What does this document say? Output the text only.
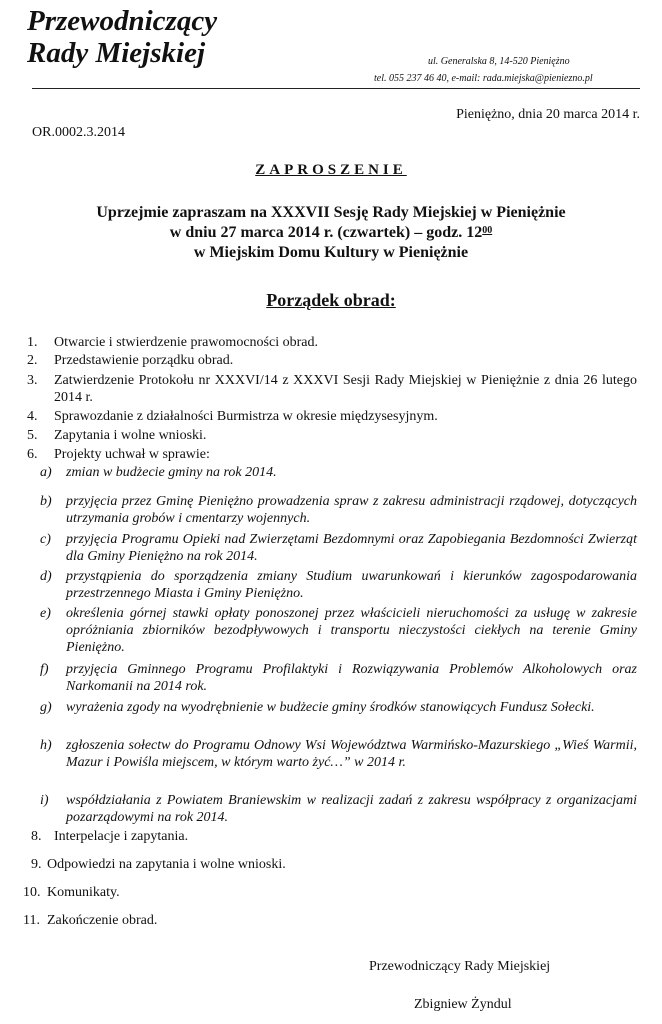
Przewodniczący
Rady Miejskiej	ul. Generalska 8, 14-520 Pieniężno
tel. 055 237 46 40, e-mail: rada.miejska@pieniezno.pl
Pieniężno, dnia 20 marca 2014 r.
OR.0002.3.2014
ZAPROSZENIE
Uprzejmie zapraszam na XXXVII Sesję Rady Miejskiej w Pieniężnie
w dniu 27 marca 2014 r. (czwartek) – godz. $12^{00}$
w Miejskim Domu Kultury w Pieniężnie
Porządek obrad:
1. Otwarcie i stwierdzenie prawomocności obrad.
2. Przedstawienie porządku obrad.
3. Zatwierdzenie Protokołu nr XXXVI/14 z XXXVI Sesji Rady Miejskiej w Pieniężnie z dnia 26 lutego 2014 r.
4. Sprawozdanie z działalności Burmistrza w okresie międzysesyjnym.
5. Zapytania i wolne wnioski.
6. Projekty uchwał w sprawie:
a) zmian w budżecie gminy na rok 2014.
b) przyjęcia przez Gminę Pieniężno prowadzenia spraw z zakresu administracji rządowej, dotyczących utrzymania grobów i cmentarzy wojennych.
c) przyjęcia Programu Opieki nad Zwierzętami Bezdomnymi oraz Zapobiegania Bezdomności Zwierząt dla Gminy Pieniężno na rok 2014.
d) przystąpienia do sporządzenia zmiany Studium uwarunkowań i kierunków zagospodarowania przestrzennego Miasta i Gminy Pieniężno.
e) określenia górnej stawki opłaty ponoszonej przez właścicieli nieruchomości za usługę w zakresie opróżniania zbiorników bezodpływowych i transportu nieczystości ciekłych na terenie Gminy Pieniężno.
f) przyjęcia Gminnego Programu Profilaktyki i Rozwiązywania Problemów Alkoholowych oraz Narkomanii na 2014 rok.
g) wyrażenia zgody na wyodrębnienie w budżecie gminy środków stanowiących Fundusz Sołecki.
h) zgłoszenia sołectw do Programu Odnowy Wsi Województwa Warmińsko-Mazurskiego „Wieś Warmii, Mazur i Powiśla miejscem, w którym warto żyć…” w 2014 r.
i) współdziałania z Powiatem Braniewskim w realizacji zadań z zakresu współpracy z organizacjami pozarządowymi na rok 2014.
8. Interpelacje i zapytania.
9. Odpowiedzi na zapytania i wolne wnioski.
10. Komunikaty.
11. Zakończenie obrad.
Przewodniczący Rady Miejskiej
Zbigniew Żyndul
